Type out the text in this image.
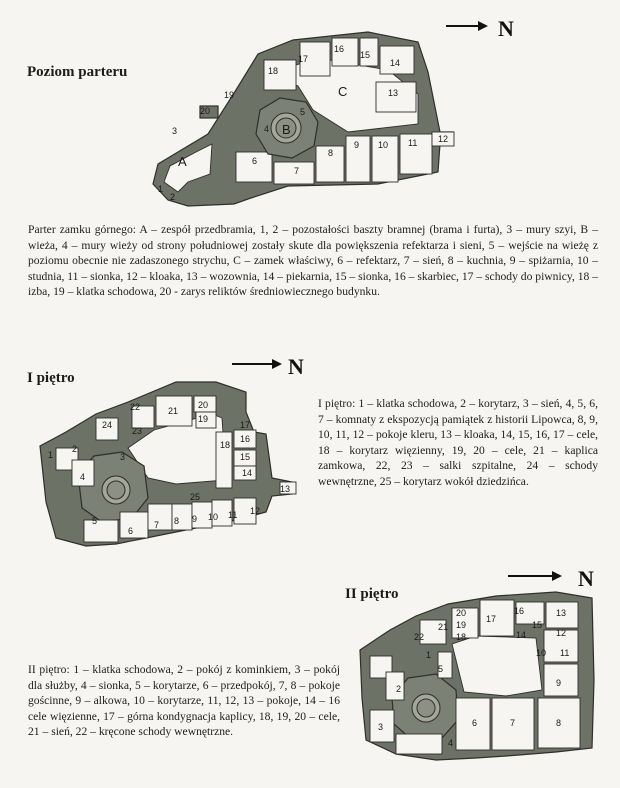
Poziom parteru
N
A
B
C
1
2
3	4
5
6
7
8
9 10 11 12
13
14
15
16
17
18
19
20
Parter zamku górnego: A – zespół przedbramia, 1, 2 – pozostałości baszty bramnej (brama i furta), 3 – mury szyi, B – wieża, 4 – mury wieży od strony południowej zostały skute dla powiększenia refektarza i sieni, 5 – wejście na wieżę z poziomu obecnie nie zadaszonego strychu, C – zamek właściwy, 6 – refektarz, 7 – sień, 8 – kuchnia, 9 – spiżarnia, 10 – studnia, 11 – sionka, 12 – kloaka, 13 – wozownia, 14 – piekarnia, 15 – sionka, 16 – skarbiec, 17 – schody do piwnicy, 18 – izba, 19 – klatka schodowa, 20 - zarys reliktów średniowiecznego budynku.
I piętro	N
1
2
3
4
5
6
7 8 9 10 11 12
13
14
15
16
17
18
19
20
21
22
23
24
25
I piętro: 1 – klatka schodowa, 2 – korytarz, 3 – sień, 4, 5, 6, 7 – komnaty z ekspozycją pamiątek z historii Lipowca, 8, 9, 10, 11, 12 – pokoje kleru, 13 – kloaka, 14, 15, 16, 17 – cele, 18 – korytarz więzienny, 19, 20 – cele, 21 – kaplica zamkowa, 22, 23 – salki szpitalne, 24 – schody wewnętrzne, 25 – korytarz wokół dziedzińca.
II piętro
N
1
2
3
4
5
6	7	8
9
10 11
12
13
14
15
16
17
18
19
20
21
22
II piętro: 1 – klatka schodowa, 2 – pokój z kominkiem, 3 – pokój dla służby, 4 – sionka, 5 – korytarze, 6 – przedpokój, 7, 8 – pokoje gościnne, 9 – alkowa, 10 – korytarze, 11, 12, 13 – pokoje, 14 – 16 cele więzienne, 17 – górna kondygnacja kaplicy, 18, 19, 20 – cele, 21 – sień, 22 – kręcone schody wewnętrzne.
